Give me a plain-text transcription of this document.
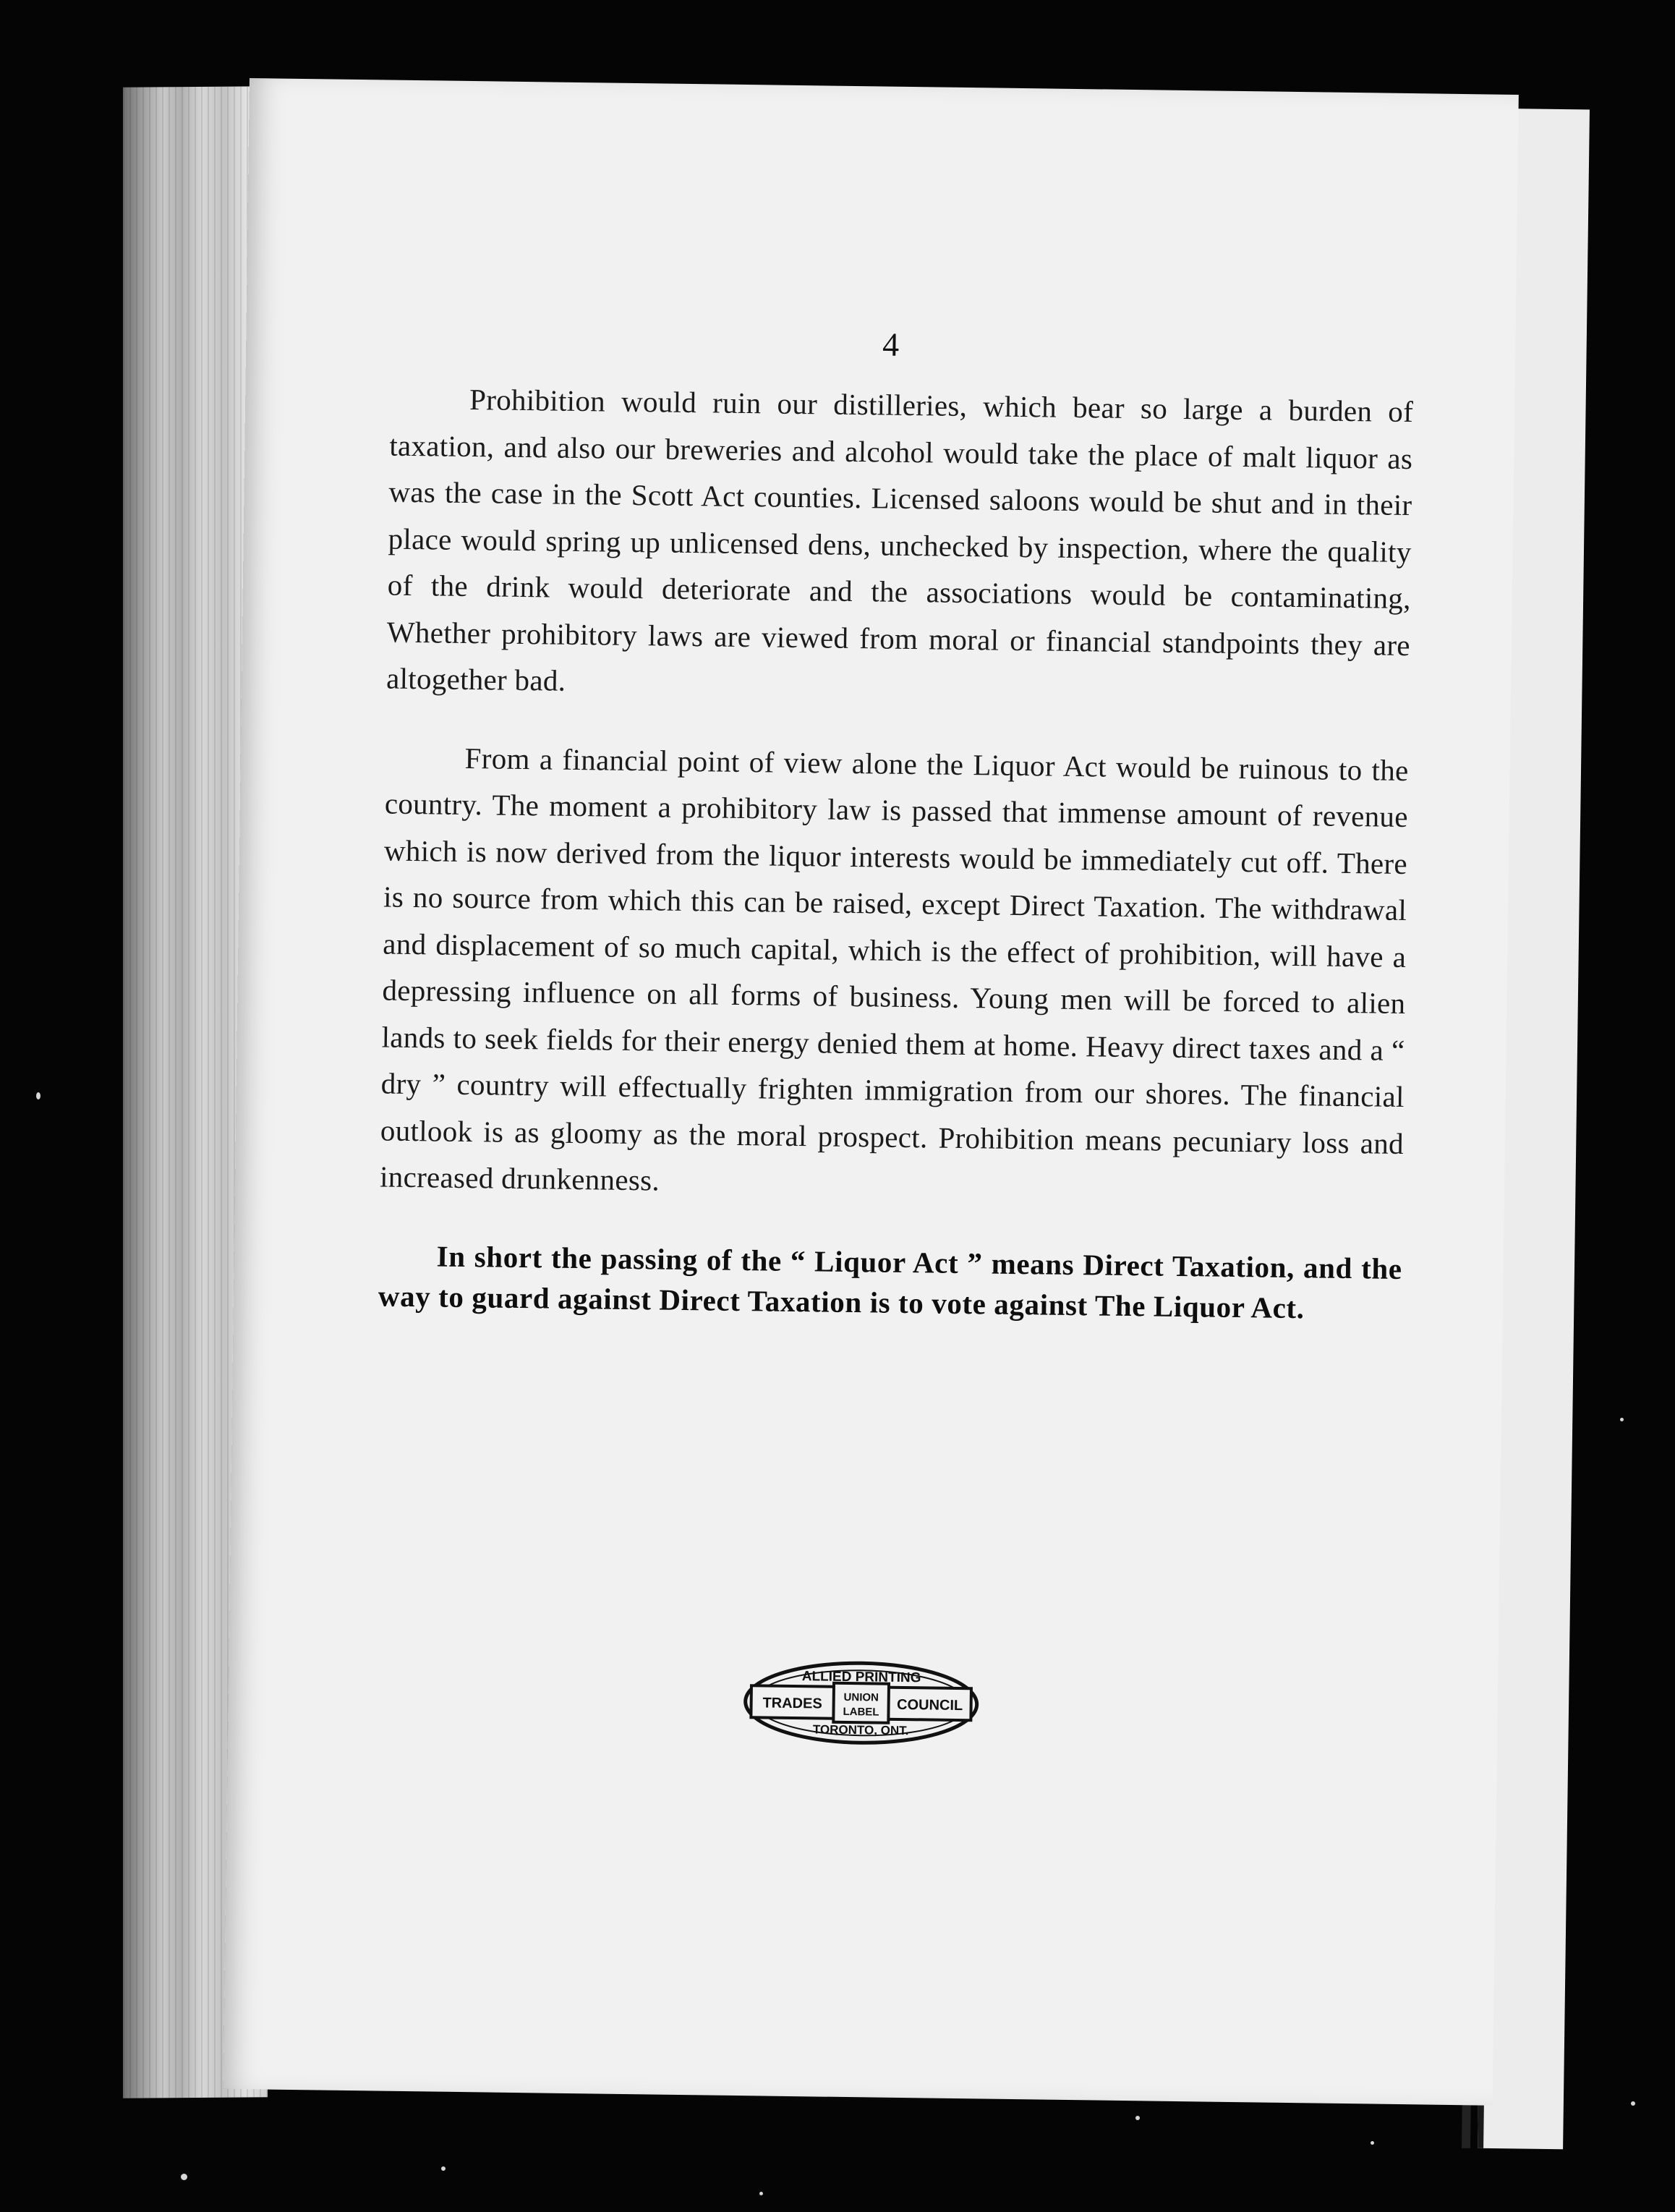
4

Prohibition would ruin our distilleries, which bear so large a burden of taxation, and also our breweries and alcohol would take the place of malt liquor as was the case in the Scott Act counties. Licensed saloons would be shut and in their place would spring up unlicensed dens, unchecked by inspection, where the quality of the drink would deteriorate and the associations would be contaminating, Whether prohibitory laws are viewed from moral or financial standpoints they are altogether bad.

From a financial point of view alone the Liquor Act would be ruinous to the country. The moment a prohibitory law is passed that immense amount of revenue which is now derived from the liquor interests would be immediately cut off. There is no source from which this can be raised, except Direct Taxation. The withdrawal and displacement of so much capital, which is the effect of prohibition, will have a depressing influence on all forms of business. Young men will be forced to alien lands to seek fields for their energy denied them at home. Heavy direct taxes and a “ dry ” country will effectually frighten immigration from our shores. The financial outlook is as gloomy as the moral prospect. Prohibition means pecuniary loss and increased drunkenness.

In short the passing of the “ Liquor Act ” means Direct Taxation, and the way to guard against Direct Taxation is to vote against The Liquor Act.

ALLIED PRINTING
TRADES UNION
LABEL COUNCIL
TORONTO, ONT.
